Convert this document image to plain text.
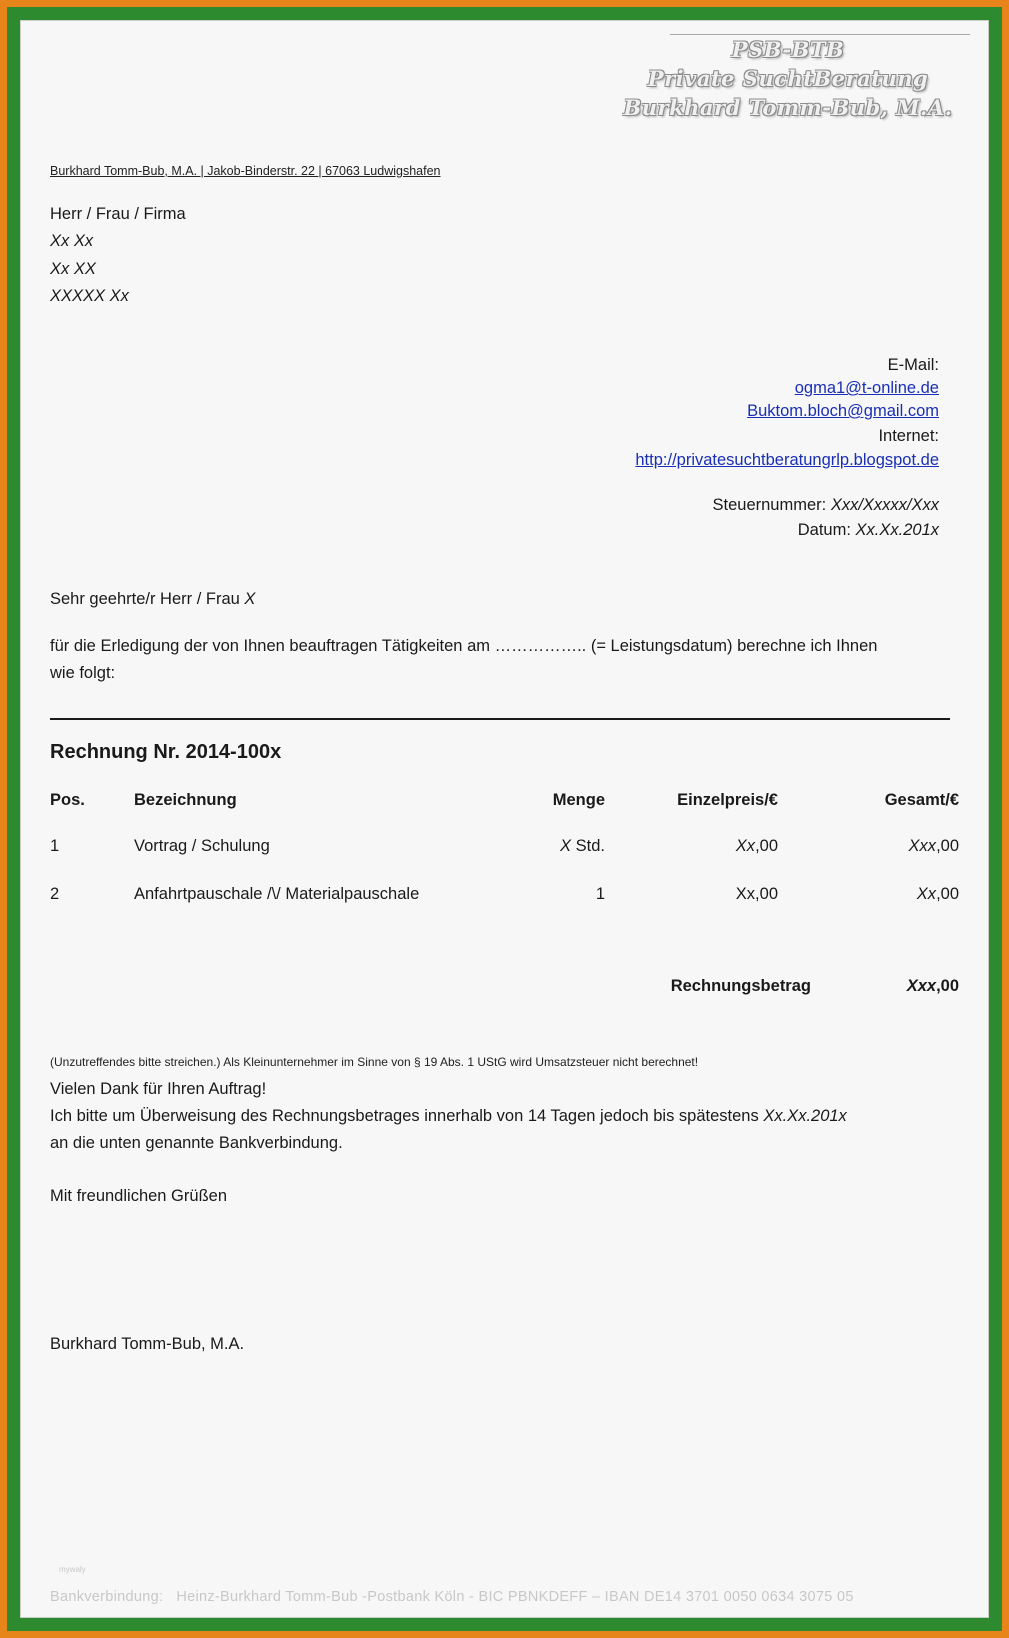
PSB-BTB
Private SuchtBeratung
Burkhard Tomm-Bub, M.A.
Burkhard Tomm-Bub, M.A. | Jakob-Binderstr. 22 | 67063 Ludwigshafen
Herr / Frau / Firma
Xx Xx
Xx XX
XXXXX Xx
E-Mail:
ogma1@t-online.de
Buktom.bloch@gmail.com
Internet:
http://privatesuchtberatungrlp.blogspot.de
Steuernummer: Xxx/Xxxxx/Xxx
Datum: Xx.Xx.201x
Sehr geehrte/r Herr / Frau X
für die Erledigung der von Ihnen beauftragen Tätigkeiten am …………….. (= Leistungsdatum) berechne ich Ihnen
wie folgt:
Rechnung Nr. 2014-100x
Pos.	Bezeichnung	Menge	Einzelpreis/€	Gesamt/€
1	Vortrag / Schulung	X Std.	Xx,00	Xxx,00
2	Anfahrtpauschale /\/ Materialpauschale	1	Xx,00	Xx,00
Rechnungsbetrag	Xxx,00
(Unzutreffendes bitte streichen.) Als Kleinunternehmer im Sinne von § 19 Abs. 1 UStG wird Umsatzsteuer nicht berechnet!
Vielen Dank für Ihren Auftrag!
Ich bitte um Überweisung des Rechnungsbetrages innerhalb von 14 Tagen jedoch bis spätestens Xx.Xx.201x
an die unten genannte Bankverbindung.
Mit freundlichen Grüßen
Burkhard Tomm-Bub, M.A.
mywaly
Bankverbindung: Heinz-Burkhard Tomm-Bub -Postbank Köln - BIC PBNKDEFF – IBAN DE14 3701 0050 0634 3075 05
